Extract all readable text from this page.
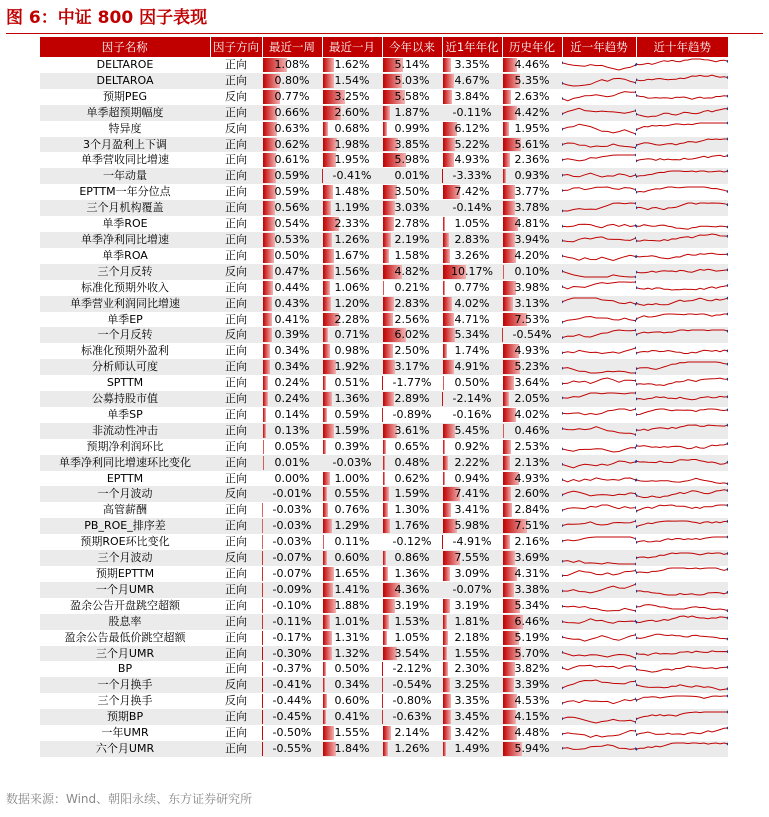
图 6：中证 800 因子表现
因子名称	因子方向	最近一周	最近一月	今年以来	近1年年化	历史年化	近一年趋势	近十年趋势
DELTAROE	正向	1.08%	1.62%	5.14%	3.35%	4.46%	

DELTAROA	正向	0.80%	1.54%	5.03%	4.67%	5.35%	

预期PEG	反向	0.77%	3.25%	5.58%	3.84%	2.63%	

单季超预期幅度	正向	0.66%	2.60%	1.87%	-0.11%	4.42%	

特异度	反向	0.63%	0.68%	0.99%	6.12%	1.95%	

3个月盈利上下调	正向	0.62%	1.98%	3.85%	5.22%	5.61%	

单季营收同比增速	正向	0.61%	1.95%	5.98%	4.93%	2.36%	

一年动量	正向	0.59%	-0.41%	0.01%	-3.33%	0.93%	

EPTTM一年分位点	正向	0.59%	1.48%	3.50%	7.42%	3.77%	

三个月机构覆盖	正向	0.56%	1.19%	3.03%	-0.14%	3.78%	

单季ROE	正向	0.54%	2.33%	2.78%	1.05%	4.81%	

单季净利同比增速	正向	0.53%	1.26%	2.19%	2.83%	3.94%	

单季ROA	正向	0.50%	1.67%	1.58%	3.26%	4.20%	

三个月反转	反向	0.47%	1.56%	4.82%	10.17%	0.10%	

标准化预期外收入	正向	0.44%	1.06%	0.21%	0.77%	3.98%	

单季营业利润同比增速	正向	0.43%	1.20%	2.83%	4.02%	3.13%	

单季EP	正向	0.41%	2.28%	2.56%	4.71%	7.53%	

一个月反转	反向	0.39%	0.71%	6.02%	5.34%	-0.54%	

标准化预期外盈利	正向	0.34%	0.98%	2.50%	1.74%	4.93%	

分析师认可度	正向	0.34%	1.92%	3.17%	4.91%	5.23%	

SPTTM	正向	0.24%	0.51%	-1.77%	0.50%	3.64%	

公募持股市值	正向	0.24%	1.36%	2.89%	-2.14%	2.05%	

单季SP	正向	0.14%	0.59%	-0.89%	-0.16%	4.02%	

非流动性冲击	正向	0.13%	1.59%	3.61%	5.45%	0.46%	

预期净利润环比	正向	0.05%	0.39%	0.65%	0.92%	2.53%	

单季净利同比增速环比变化	正向	0.01%	-0.03%	0.48%	2.22%	2.13%	

EPTTM	正向	0.00%	1.00%	0.62%	0.94%	4.93%	

一个月波动	反向	-0.01%	0.55%	1.59%	7.41%	2.60%	

高管薪酬	正向	-0.03%	0.76%	1.30%	3.41%	2.84%	

PB_ROE_排序差	正向	-0.03%	1.29%	1.76%	5.98%	7.51%	

预期ROE环比变化	正向	-0.03%	0.11%	-0.12%	-4.91%	2.16%	

三个月波动	反向	-0.07%	0.60%	0.86%	7.55%	3.69%	

预期EPTTM	正向	-0.07%	1.65%	1.36%	3.09%	4.31%	

一个月UMR	正向	-0.09%	1.41%	4.36%	-0.07%	3.38%	

盈余公告开盘跳空超额	正向	-0.10%	1.88%	3.19%	3.19%	5.34%	

股息率	正向	-0.11%	1.01%	1.53%	1.81%	6.46%	

盈余公告最低价跳空超额	正向	-0.17%	1.31%	1.05%	2.18%	5.19%	

三个月UMR	正向	-0.30%	1.32%	3.54%	1.55%	5.70%	

BP	正向	-0.37%	0.50%	-2.12%	2.30%	3.82%	

一个月换手	反向	-0.41%	0.34%	-0.54%	3.25%	3.39%	

三个月换手	反向	-0.44%	0.60%	-0.80%	3.35%	4.53%	

预期BP	正向	-0.45%	0.41%	-0.63%	3.45%	4.15%	

一年UMR	正向	-0.50%	1.55%	2.14%	3.42%	4.48%	

六个月UMR	正向	-0.55%	1.84%	1.26%	1.49%	5.94%	

数据来源：Wind、朝阳永续、东方证券研究所
